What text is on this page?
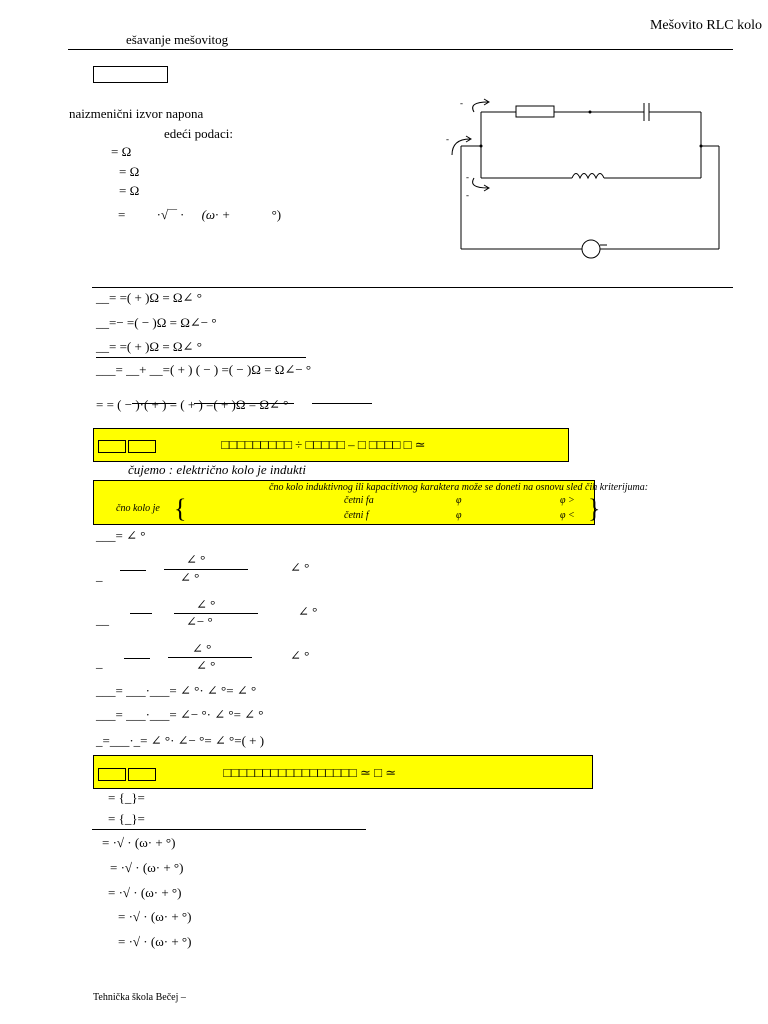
Mešovito RLC kolo
ešavanje mešovitog
naizmenični izvor napona
edeći podaci:
= Ω
= Ω
= Ω
= ·√‾‾ · (ω· +	°)
-
-
-
-
__= =( + )Ω = Ω∠ °
__=− =( − )Ω = Ω∠− °
__= =( + )Ω = Ω∠ °
___= __+ __=( + ) ( − ) =( − )Ω = Ω∠− °
= = ( − )·( + ) = ( + ) =( + )Ω = Ω∠ °
□□□□□□□□□ ÷ □□□□□ – □ □□□□ □ ≃
čujemo : električno kolo je indukti
čno kolo induktivnog ili kapacitivnog karaktera može se doneti na osnovu sled čih kriterijuma:
čno kolo je {	}
četni fa	φ	φ >
četni f	φ	φ <
___= ∠ °
_
∠ °
∠ °
∠ °
__
∠ °
∠− °
∠ °
_
∠ °
∠ °
∠ °
___= ___·___= ∠ °· ∠ °= ∠ °
___= ___·___= ∠− °· ∠ °= ∠ °
_=___·_= ∠ °· ∠− °= ∠ °=( + )
□□□□□□□□□□□□□□□□□ ≃ □ ≃
= {_}=
= {_}=
= ·√ · (ω· + °)
= ·√ · (ω· + °)
= ·√ · (ω· + °)
= ·√ · (ω· + °)
= ·√ · (ω· + °)
Tehnička škola Bečej –
